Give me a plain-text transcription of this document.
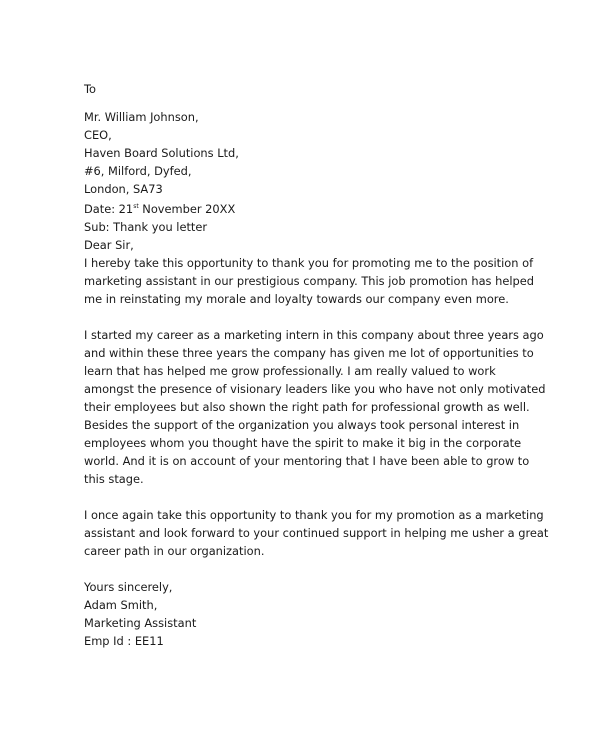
To
Mr. William Johnson,
CEO,
Haven Board Solutions Ltd,
#6, Milford, Dyfed,
London, SA73
Date: 21st November 20XX
Sub: Thank you letter
Dear Sir,
I hereby take this opportunity to thank you for promoting me to the position of
marketing assistant in our prestigious company. This job promotion has helped
me in reinstating my morale and loyalty towards our company even more.
I started my career as a marketing intern in this company about three years ago
and within these three years the company has given me lot of opportunities to
learn that has helped me grow professionally. I am really valued to work
amongst the presence of visionary leaders like you who have not only motivated
their employees but also shown the right path for professional growth as well.
Besides the support of the organization you always took personal interest in
employees whom you thought have the spirit to make it big in the corporate
world. And it is on account of your mentoring that I have been able to grow to
this stage.
I once again take this opportunity to thank you for my promotion as a marketing
assistant and look forward to your continued support in helping me usher a great
career path in our organization.
Yours sincerely,
Adam Smith,
Marketing Assistant
Emp Id : EE11
